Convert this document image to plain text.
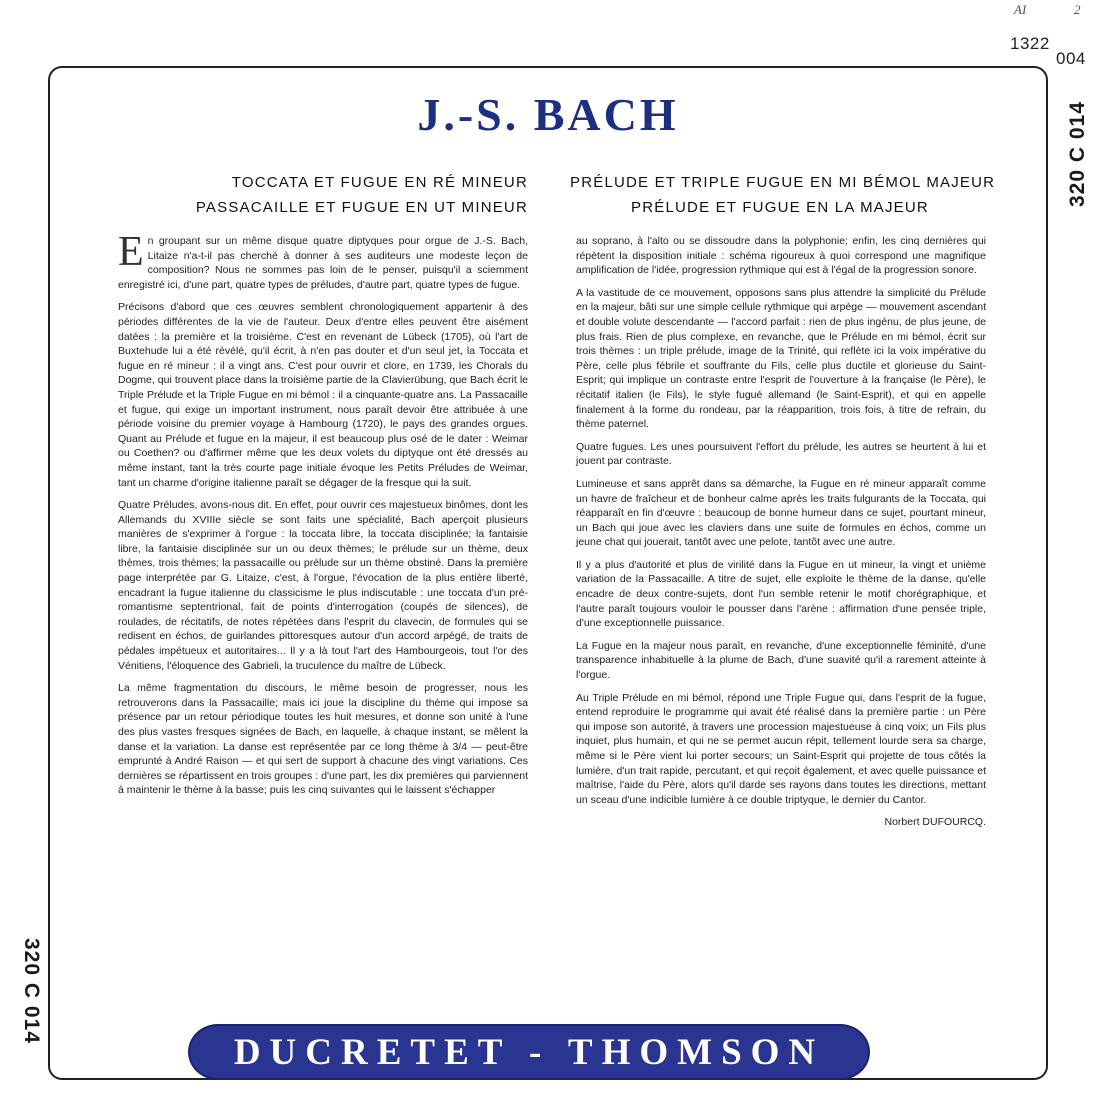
AI	2
1322
004
320 C 014
320 C 014
J.-S. BACH
TOCCATA ET FUGUE EN RÉ MINEUR
PASSACAILLE ET FUGUE EN UT MINEUR
PRÉLUDE ET TRIPLE FUGUE EN MI BÉMOL MAJEUR
PRÉLUDE ET FUGUE EN LA MAJEUR

En groupant sur un même disque quatre diptyques pour orgue de J.-S. Bach, Litaize n'a-t-il pas cherché à donner à ses auditeurs une modeste leçon de composition? Nous ne sommes pas loin de le penser, puisqu'il a sciemment enregistré ici, d'une part, quatre types de préludes, d'autre part, quatre types de fugue.

Précisons d'abord que ces œuvres semblent chronologiquement appartenir à des périodes différentes de la vie de l'auteur. Deux d'entre elles peuvent être aisément datées : la première et la troisième. C'est en revenant de Lübeck (1705), où l'art de Buxtehude lui a été révélé, qu'il écrit, à n'en pas douter et d'un seul jet, la Toccata et fugue en ré mineur : il a vingt ans. C'est pour ouvrir et clore, en 1739, les Chorals du Dogme, qui trouvent place dans la troisième partie de la Clavierübung, que Bach écrit le Triple Prélude et la Triple Fugue en mi bémol : il a cinquante-quatre ans. La Passacaille et fugue, qui exige un important instrument, nous paraît devoir être attribuée à une période voisine du premier voyage à Hambourg (1720), le pays des grandes orgues. Quant au Prélude et fugue en la majeur, il est beaucoup plus osé de le dater : Weimar ou Coethen? ou d'affirmer même que les deux volets du diptyque ont été dressés au même instant, tant la très courte page initiale évoque les Petits Préludes de Weimar, tant un charme d'origine italienne paraît se dégager de la fresque qui la suit.

Quatre Préludes, avons-nous dit. En effet, pour ouvrir ces majestueux binômes, dont les Allemands du XVIIIe siècle se sont faits une spécialité, Bach aperçoit plusieurs manières de s'exprimer à l'orgue : la toccata libre, la toccata disciplinée; la fantaisie libre, la fantaisie disciplinée sur un ou deux thèmes; le prélude sur un thème, deux thèmes, trois thèmes; la passacaille ou prélude sur un thème obstiné. Dans la première page interprétée par G. Litaize, c'est, à l'orgue, l'évocation de la plus entière liberté, encadrant la fugue italienne du classicisme le plus indiscutable : une toccata d'un pré-romantisme septentrional, fait de points d'interrogation (coupés de silences), de roulades, de récitatifs, de notes répétées dans l'esprit du clavecin, de formules qui se redisent en échos, de guirlandes pittoresques autour d'un accord arpégé, de traits de pédales impétueux et autoritaires... Il y a là tout l'art des Hambourgeois, tout l'or des Vénitiens, l'éloquence des Gabrieli, la truculence du maître de Lübeck.

La même fragmentation du discours, le même besoin de progresser, nous les retrouverons dans la Passacaille; mais ici joue la discipline du thème qui impose sa présence par un retour périodique toutes les huit mesures, et donne son unité à l'une des plus vastes fresques signées de Bach, en laquelle, à chaque instant, se mêlent la danse et la variation. La danse est représentée par ce long thème à 3/4 — peut-être emprunté à André Raison — et qui sert de support à chacune des vingt variations. Ces dernières se répartissent en trois groupes : d'une part, les dix premières qui parviennent à maintenir le thème à la basse; puis les cinq suivantes qui le laissent s'échapper

au soprano, à l'alto ou se dissoudre dans la polyphonie; enfin, les cinq dernières qui répètent la disposition initiale : schéma rigoureux à quoi correspond une magnifique amplification de l'idée, progression rythmique qui est à l'égal de la progression sonore.

A la vastitude de ce mouvement, opposons sans plus attendre la simplicité du Prélude en la majeur, bâti sur une simple cellule rythmique qui arpège — mouvement ascendant et double volute descendante — l'accord parfait : rien de plus ingénu, de plus jeune, de plus frais. Rien de plus complexe, en revanche, que le Prélude en mi bémol, écrit sur trois thèmes : un triple prélude, image de la Trinité, qui reflète ici la voix impérative du Père, celle plus fébrile et souffrante du Fils, celle plus ductile et glorieuse du Saint-Esprit; qui implique un contraste entre l'esprit de l'ouverture à la française (le Père), le récitatif italien (le Fils), le style fugué allemand (le Saint-Esprit), et qui en appelle finalement à la forme du rondeau, par la réapparition, trois fois, à titre de refrain, du thème paternel.

Quatre fugues. Les unes poursuivent l'effort du prélude, les autres se heurtent à lui et jouent par contraste.

Lumineuse et sans apprêt dans sa démarche, la Fugue en ré mineur apparaît comme un havre de fraîcheur et de bonheur calme après les traits fulgurants de la Toccata, qui réapparaît en fin d'œuvre : beaucoup de bonne humeur dans ce sujet, pourtant mineur, un Bach qui joue avec les claviers dans une suite de formules en échos, comme un jeune chat qui jouerait, tantôt avec une pelote, tantôt avec une autre.

Il y a plus d'autorité et plus de virilité dans la Fugue en ut mineur, la vingt et unième variation de la Passacaille. A titre de sujet, elle exploite le thème de la danse, qu'elle encadre de deux contre-sujets, dont l'un semble retenir le motif chorégraphique, et l'autre paraît toujours vouloir le pousser dans l'arène : affirmation d'une pensée triple, d'une exceptionnelle puissance.

La Fugue en la majeur nous paraît, en revanche, d'une exceptionnelle féminité, d'une transparence inhabituelle à la plume de Bach, d'une suavité qu'il a rarement atteinte à l'orgue.

Au Triple Prélude en mi bémol, répond une Triple Fugue qui, dans l'esprit de la fugue, entend reproduire le programme qui avait été réalisé dans la première partie : un Père qui impose son autorité, à travers une procession majestueuse à cinq voix; un Fils plus inquiet, plus humain, et qui ne se permet aucun répit, tellement lourde sera sa charge, même si le Père vient lui porter secours; un Saint-Esprit qui projette de tous côtés la lumière, d'un trait rapide, percutant, et qui reçoit également, et avec quelle puissance et maîtrise, l'aide du Père, alors qu'il darde ses rayons dans toutes les directions, mettant un sceau d'une indicible lumière à ce double triptyque, le dernier du Cantor.

Norbert DUFOURCQ.
DUCRETET - THOMSON
